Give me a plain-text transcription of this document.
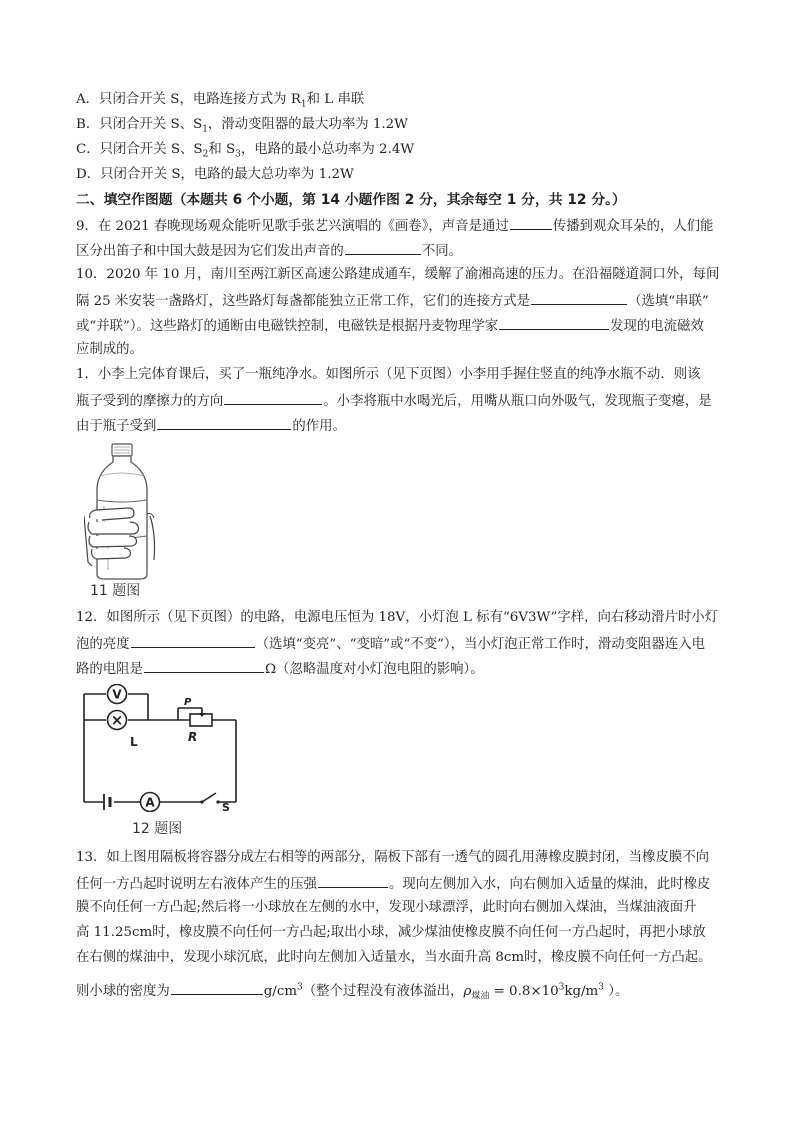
A．只闭合开关 S，电路连接方式为 $R_1$和 L 串联
B．只闭合开关 S、$S_1$，滑动变阻器的最大功率为 1.2W
C．只闭合开关 S、$S_2$和 $S_3$，电路的最小总功率为 2.4W
D．只闭合开关 S，电路的最大总功率为 1.2W
二、填空作图题（本题共 6 个小题，第 14 小题作图 2 分，其余每空 1 分，共 12 分。）
9．在 2021 春晚现场观众能听见歌手张艺兴演唱的《画卷》，声音是通过	传播到观众耳朵的，人们能
区分出笛子和中国大鼓是因为它们发出声音的	不同。
10．2020 年 10 月，南川至两江新区高速公路建成通车，缓解了渝湘高速的压力。在沿福隧道洞口外，每间
隔 25 米安装一盏路灯，这些路灯每盏都能独立正常工作，它们的连接方式是	（选填“串联”
或“并联”）。这些路灯的通断由电磁铁控制，电磁铁是根据丹麦物理学家	发现的电流磁效
应制成的。
1．小李上完体育课后，买了一瓶纯净水。如图所示（见下页图）小李用手握住竖直的纯净水瓶不动．则该
瓶子受到的摩擦力的方向	。小李将瓶中水喝光后，用嘴从瓶口向外吸气，发现瓶子变瘪，是
由于瓶子受到	的作用。
11 题图
12．如图所示（见下页图）的电路，电源电压恒为 18V，小灯泡 L 标有“6V3W”字样，向右移动滑片时小灯
泡的亮度	（选填“变亮”、“变暗”或“不变”），当小灯泡正常工作时，滑动变阻器连入电
路的电阻是	Ω（忽略温度对小灯泡电阻的影响）。
V
×
A
L
P
R
S
12 题图
13．如上图用隔板将容器分成左右相等的两部分，隔板下部有一透气的圆孔用薄橡皮膜封闭，当橡皮膜不向
任何一方凸起时说明左右液体产生的压强	。现向左侧加入水，向右侧加入适量的煤油，此时橡皮
膜不向任何一方凸起;然后将一小球放在左侧的水中，发现小球漂浮，此时向右侧加入煤油，当煤油液面升
高 11.25cm时，橡皮膜不向任何一方凸起;取出小球，减少煤油使橡皮膜不向任何一方凸起时，再把小球放
在右侧的煤油中，发现小球沉底，此时向左侧加入适量水，当水面升高 8cm时，橡皮膜不向任何一方凸起。
则小球的密度为	$g/cm^3$（整个过程没有液体溢出，$\rho_{煤油} = 0.8\times 10^3kg/m^3$ ）。
